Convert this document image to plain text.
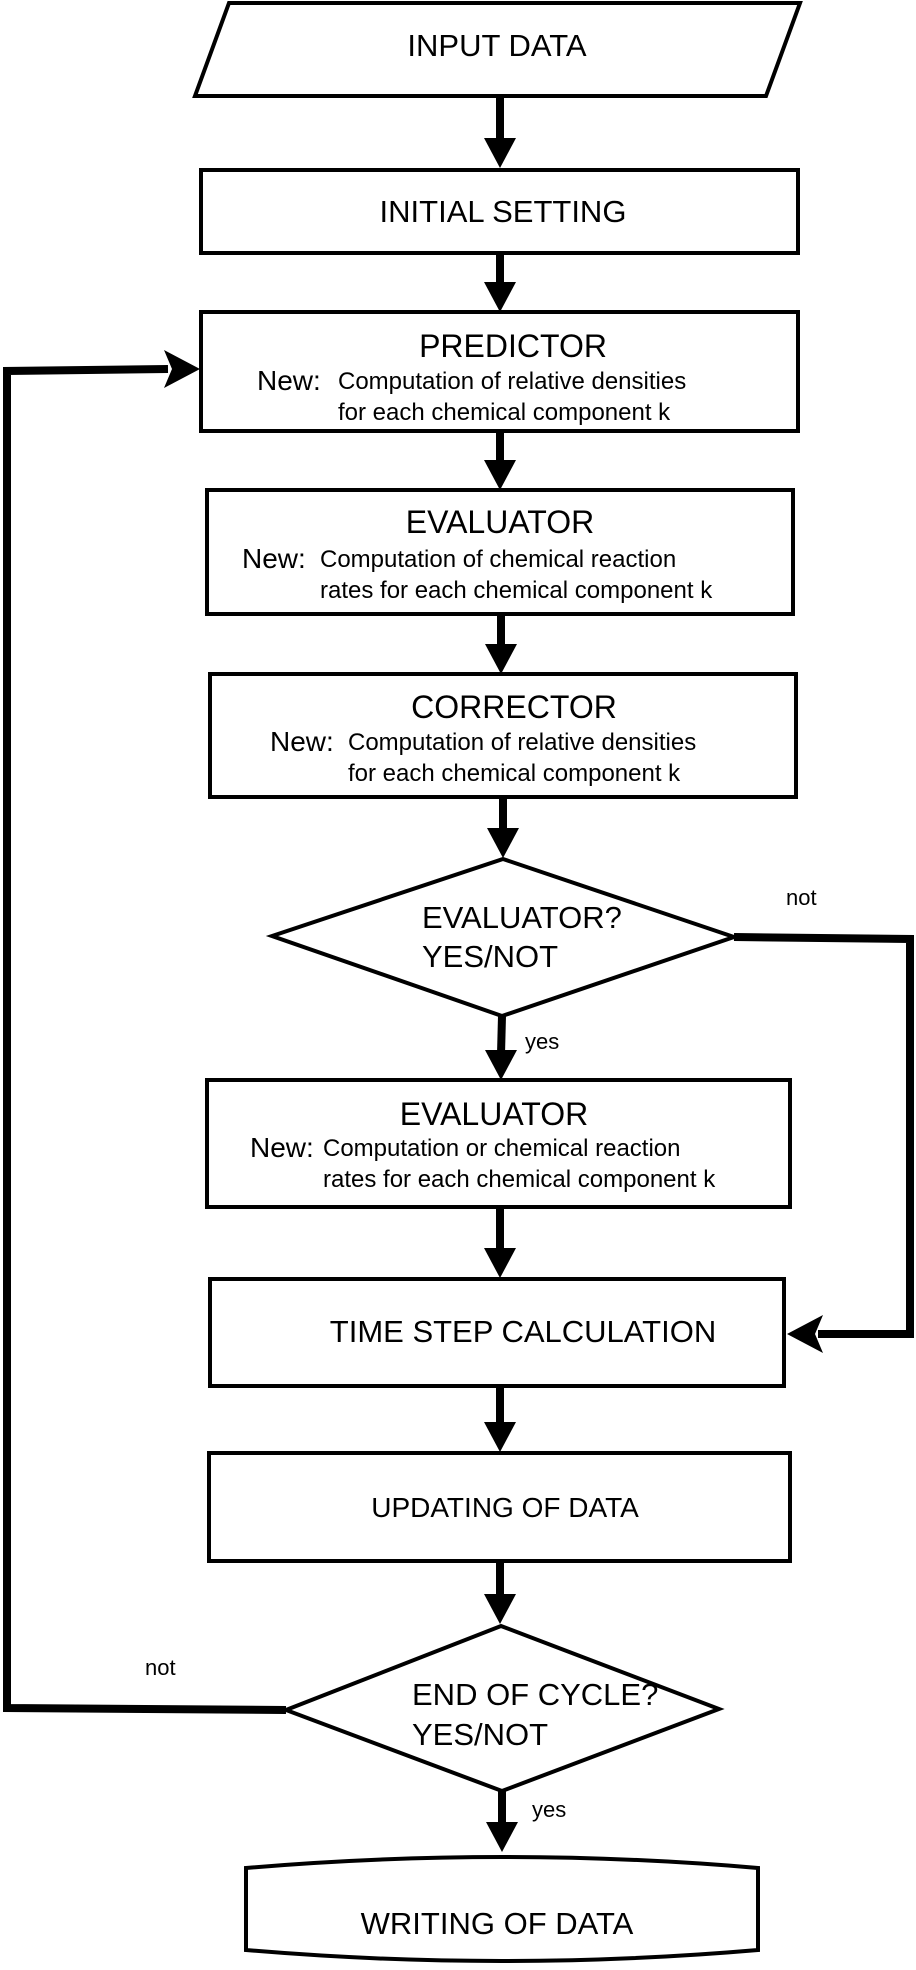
INPUT DATA
INITIAL SETTING
PREDICTOR
New: Computation of relative densities
for each chemical component k
EVALUATOR
New: Computation of chemical reaction
rates for each chemical component k
CORRECTOR
New: Computation of relative densities
for each chemical component k
EVALUATOR?
YES/NOT
yes
not
EVALUATOR
New: Computation or chemical reaction
rates for each chemical component k
TIME STEP CALCULATION
UPDATING OF DATA
END OF CYCLE?
YES/NOT
yes
not
WRITING OF DATA
